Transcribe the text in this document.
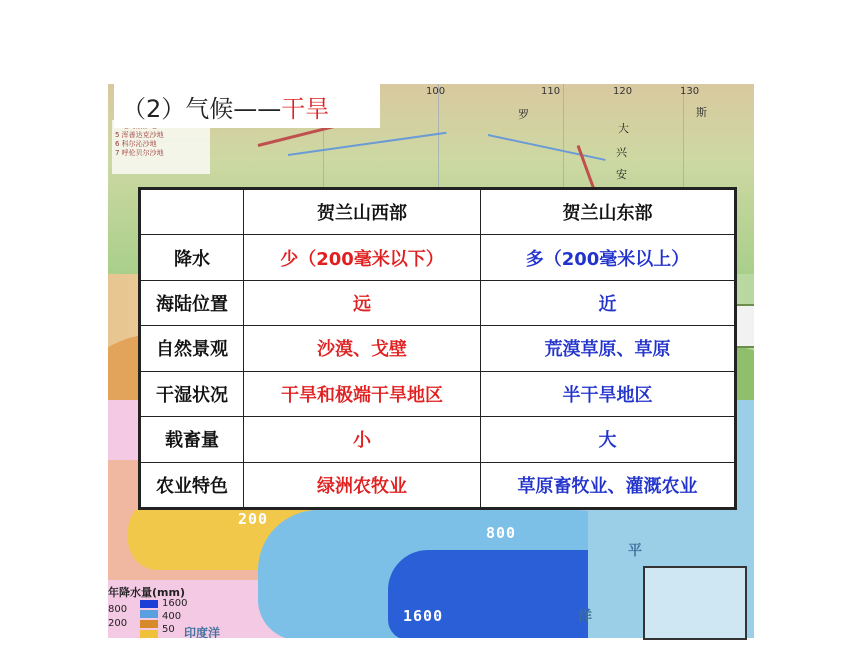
100	110	120	130
罗	斯
大
兴
安
5 浑善达克沙地
6 科尔沁沙地
7 呼伦贝尔沙地
200
800
1600
平
洋
年降水量(mm)
800
200
1600
400
50 印度洋
（2）气候—— 干旱
	贺兰山西部	贺兰山东部
降水	少（200毫米以下）	多（200毫米以上）
海陆位置	远	近
自然景观	沙漠、戈壁	荒漠草原、草原
干湿状况	干旱和极端干旱地区	半干旱地区
载畜量	小	大
农业特色	绿洲农牧业	草原畜牧业、灌溉农业
